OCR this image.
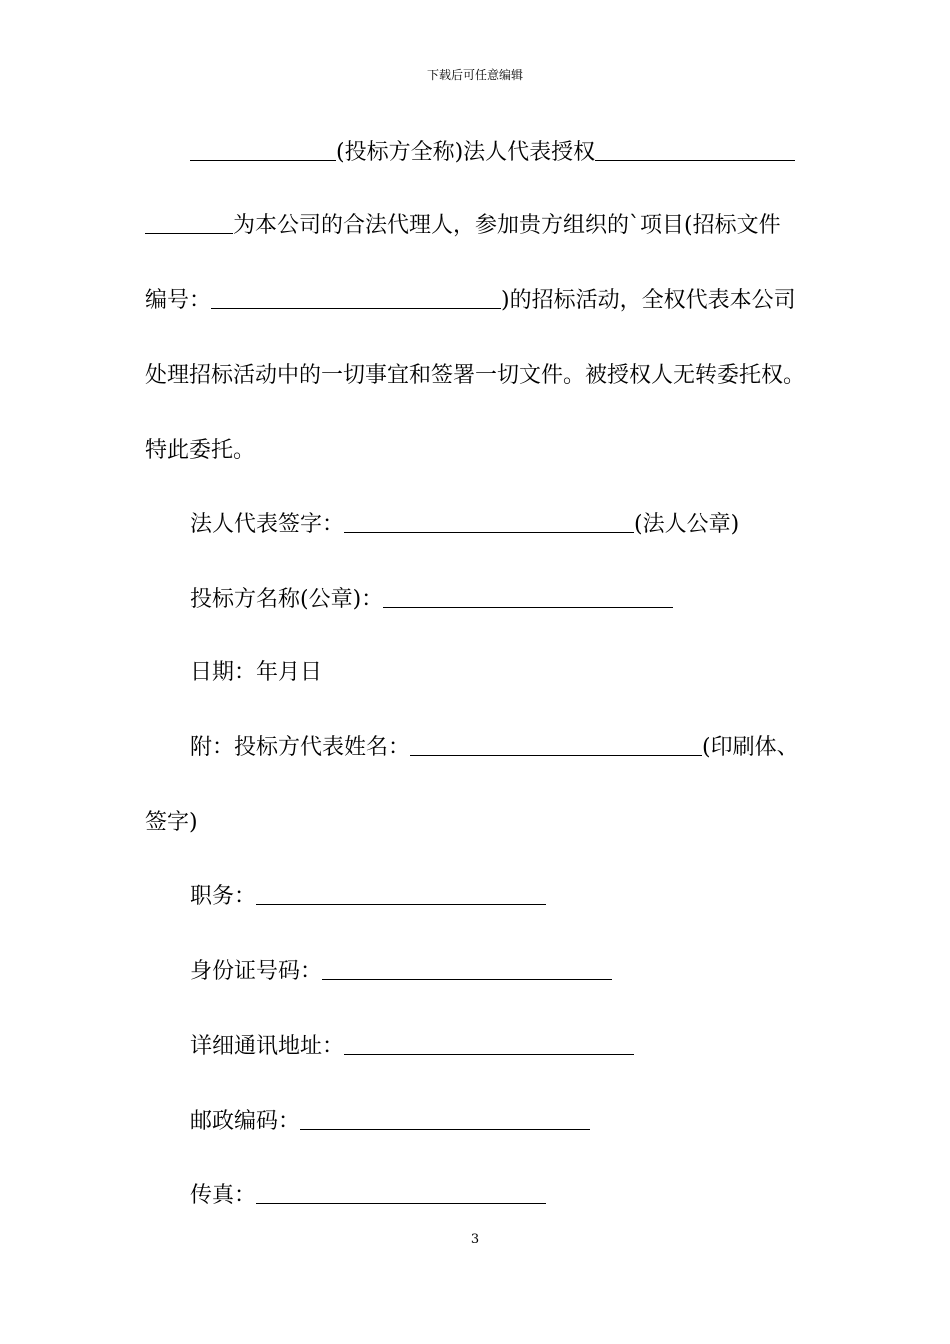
下载后可任意编辑
(投标方全称)法人代表授权
为本公司的合法代理人，参加贵方组织的`项目(招标文件
编号：	)的招标活动，全权代表本公司
处理招标活动中的一切事宜和签署一切文件。被授权人无转委托权。
特此委托。
法人代表签字：	(法人公章)
投标方名称(公章)：
日期：年月日
附：投标方代表姓名：	(印刷体、
签字)
职务：
身份证号码：
详细通讯地址：
邮政编码：
传真：
3
